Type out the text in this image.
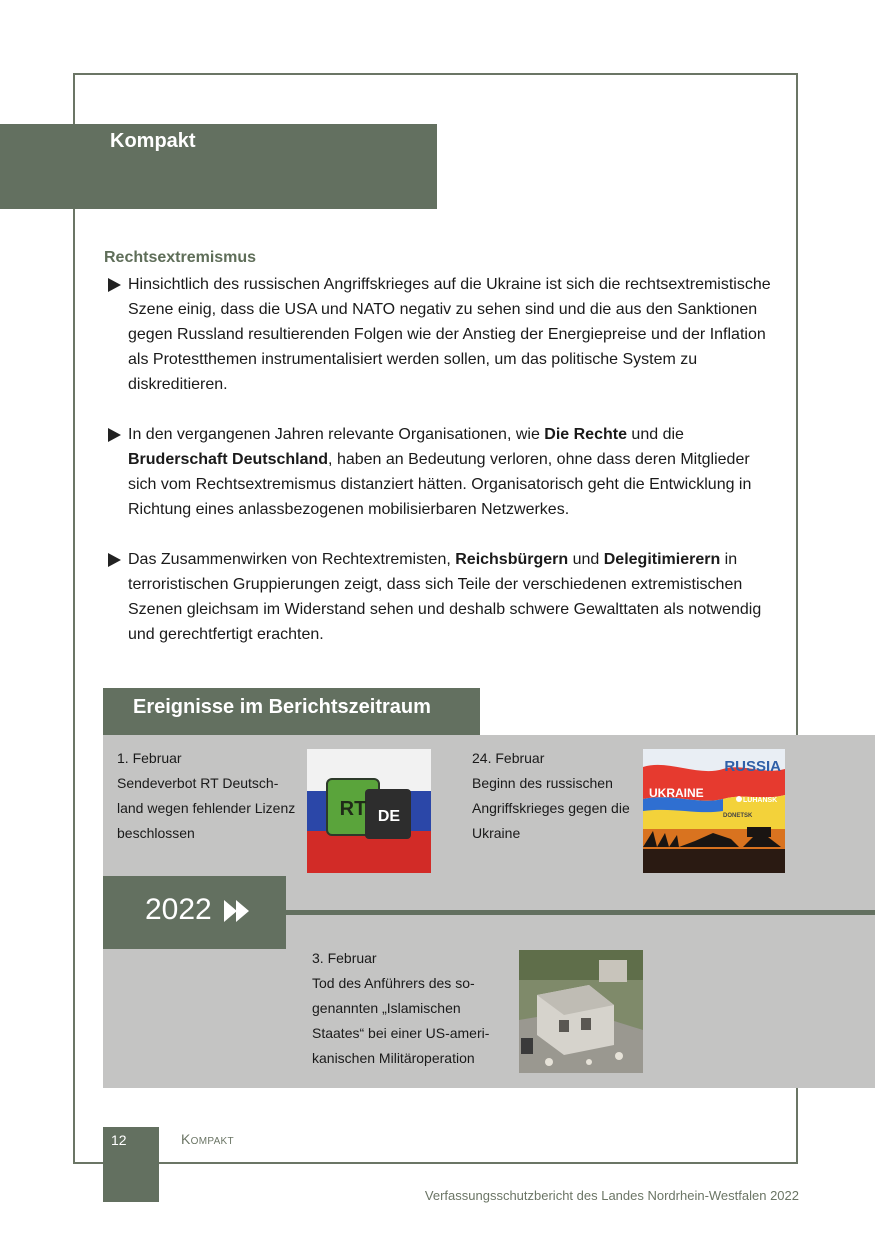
Kompakt
Rechtsextremismus
Hinsichtlich des russischen Angriffskrieges auf die Ukraine ist sich die rechtsextremistische Szene einig, dass die USA und NATO negativ zu sehen sind und die aus den Sanktionen gegen Russland resultierenden Folgen wie der Anstieg der Energiepreise und der Inflation als Protestthemen instrumentalisiert werden sollen, um das politische System zu diskreditieren.
In den vergangenen Jahren relevante Organisationen, wie Die Rechte und die Bruderschaft Deutschland, haben an Bedeutung verloren, ohne dass deren Mitglieder sich vom Rechtsextremismus distanziert hätten. Organisatorisch geht die Entwicklung in Richtung eines anlassbezogenen mobilisierbaren Netzwerkes.
Das Zusammenwirken von Rechtextremisten, Reichsbürgern und Delegitimierern in terroristischen Gruppierungen zeigt, dass sich Teile der verschiedenen extremistischen Szenen gleichsam im Widerstand sehen und deshalb schwere Gewalttaten als notwendig und gerechtfertigt erachten.
Ereignisse im Berichtszeitraum
2022
1. Februar
Sendeverbot RT Deutschland wegen fehlender Lizenz beschlossen
24. Februar
Beginn des russischen Angriffskrieges gegen die Ukraine
3. Februar
Tod des Anführers des sogenannten „Islamischen Staates“ bei einer US-amerikanischen Militäroperation
RT DE
RUSSIA
UKRAINE
LUHANSK
DONETSK
12	Kompakt
Verfassungsschutzbericht des Landes Nordrhein-Westfalen 2022
